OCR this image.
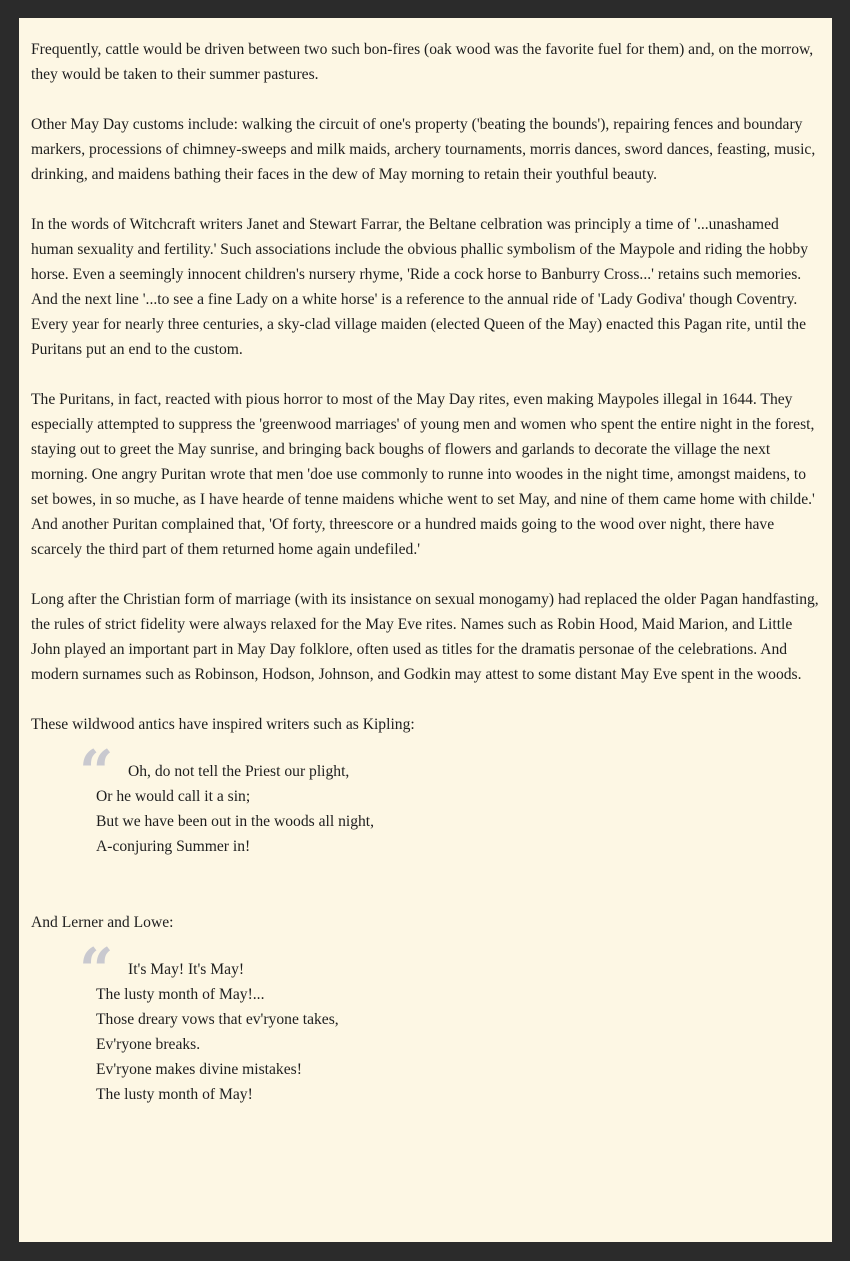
Frequently, cattle would be driven between two such bon-fires (oak wood was the favorite fuel for them) and, on the morrow, they would be taken to their summer pastures.

Other May Day customs include: walking the circuit of one's property ('beating the bounds'), repairing fences and boundary markers, processions of chimney-sweeps and milk maids, archery tournaments, morris dances, sword dances, feasting, music, drinking, and maidens bathing their faces in the dew of May morning to retain their youthful beauty.

In the words of Witchcraft writers Janet and Stewart Farrar, the Beltane celbration was principly a time of '...unashamed human sexuality and fertility.' Such associations include the obvious phallic symbolism of the Maypole and riding the hobby horse. Even a seemingly innocent children's nursery rhyme, 'Ride a cock horse to Banburry Cross...' retains such memories. And the next line '...to see a fine Lady on a white horse' is a reference to the annual ride of 'Lady Godiva' though Coventry. Every year for nearly three centuries, a sky-clad village maiden (elected Queen of the May) enacted this Pagan rite, until the Puritans put an end to the custom.

The Puritans, in fact, reacted with pious horror to most of the May Day rites, even making Maypoles illegal in 1644. They especially attempted to suppress the 'greenwood marriages' of young men and women who spent the entire night in the forest, staying out to greet the May sunrise, and bringing back boughs of flowers and garlands to decorate the village the next morning. One angry Puritan wrote that men 'doe use commonly to runne into woodes in the night time, amongst maidens, to set bowes, in so muche, as I have hearde of tenne maidens whiche went to set May, and nine of them came home with childe.' And another Puritan complained that, 'Of forty, threescore or a hundred maids going to the wood over night, there have scarcely the third part of them returned home again undefiled.'

Long after the Christian form of marriage (with its insistance on sexual monogamy) had replaced the older Pagan handfasting, the rules of strict fidelity were always relaxed for the May Eve rites. Names such as Robin Hood, Maid Marion, and Little John played an important part in May Day folklore, often used as titles for the dramatis personae of the celebrations. And modern surnames such as Robinson, Hodson, Johnson, and Godkin may attest to some distant May Eve spent in the woods.

These wildwood antics have inspired writers such as Kipling:

“ Oh, do not tell the Priest our plight,
Or he would call it a sin;
But we have been out in the woods all night,
A-conjuring Summer in!

And Lerner and Lowe:

“ It's May! It's May!
The lusty month of May!...
Those dreary vows that ev'ryone takes,
Ev'ryone breaks.
Ev'ryone makes divine mistakes!
The lusty month of May!
